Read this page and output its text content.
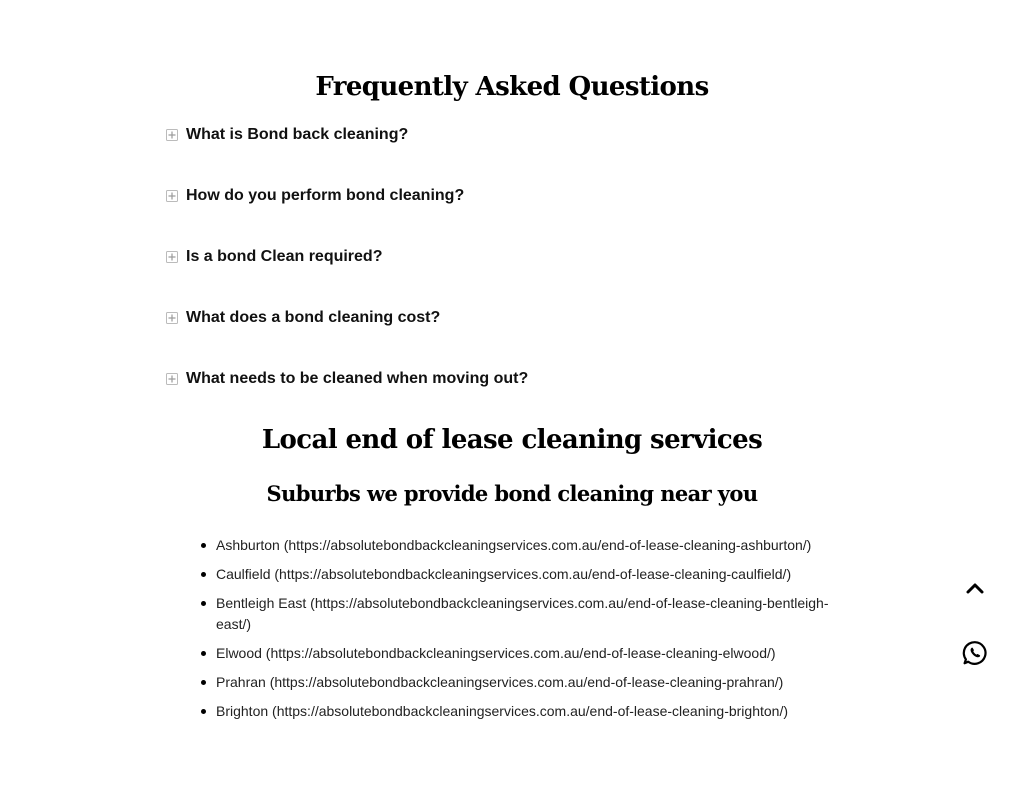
Frequently Asked Questions
What is Bond back cleaning?
How do you perform bond cleaning?
Is a bond Clean required?
What does a bond cleaning cost?
What needs to be cleaned when moving out?
Local end of lease cleaning services
Suburbs we provide bond cleaning near you
Ashburton (https://absolutebondbackcleaningservices.com.au/end-of-lease-cleaning-ashburton/)
Caulfield (https://absolutebondbackcleaningservices.com.au/end-of-lease-cleaning-caulfield/)
Bentleigh East (https://absolutebondbackcleaningservices.com.au/end-of-lease-cleaning-bentleigh-east/)
Elwood (https://absolutebondbackcleaningservices.com.au/end-of-lease-cleaning-elwood/)
Prahran (https://absolutebondbackcleaningservices.com.au/end-of-lease-cleaning-prahran/)
Brighton (https://absolutebondbackcleaningservices.com.au/end-of-lease-cleaning-brighton/)
